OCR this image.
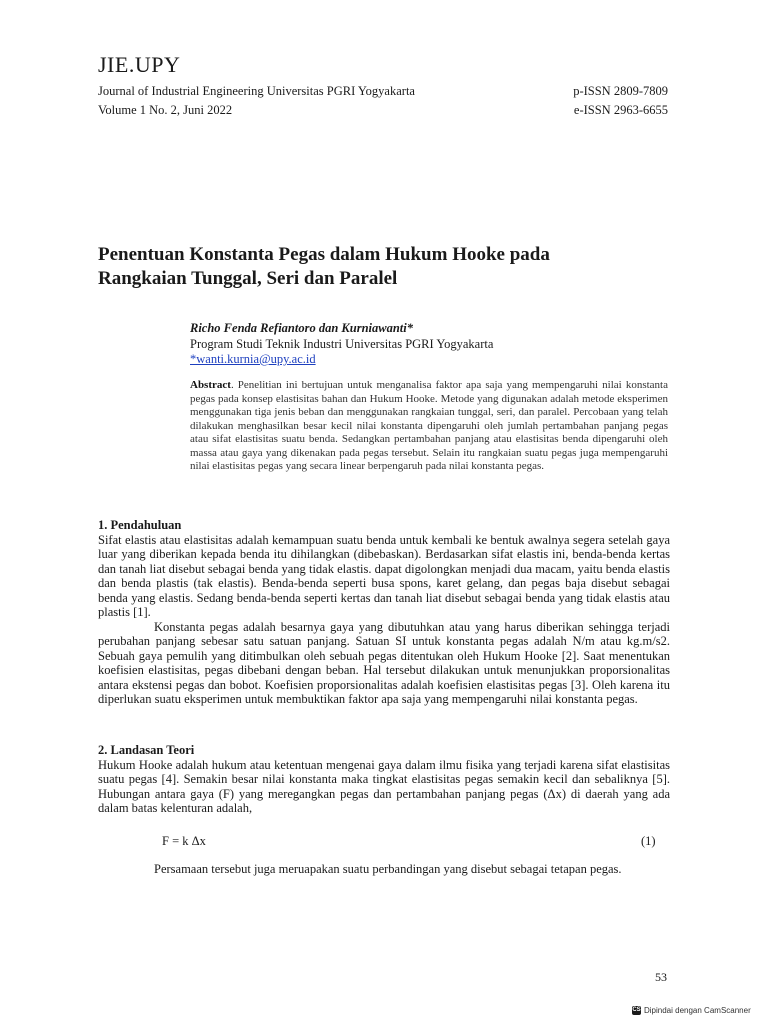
JIE.UPY
Journal of Industrial Engineering Universitas PGRI Yogyakarta
Volume 1 No. 2, Juni 2022
p-ISSN 2809-7809
e-ISSN 2963-6655
Penentuan Konstanta Pegas dalam Hukum Hooke pada
Rangkaian Tunggal, Seri dan Paralel
Richo Fenda Refiantoro dan Kurniawanti*
Program Studi Teknik Industri Universitas PGRI Yogyakarta
*wanti.kurnia@upy.ac.id
Abstract. Penelitian ini bertujuan untuk menganalisa faktor apa saja yang mempengaruhi nilai konstanta pegas pada konsep elastisitas bahan dan Hukum Hooke. Metode yang digunakan adalah metode eksperimen menggunakan tiga jenis beban dan menggunakan rangkaian tunggal, seri, dan paralel. Percobaan yang telah dilakukan menghasilkan besar kecil nilai konstanta dipengaruhi oleh jumlah pertambahan panjang pegas atau sifat elastisitas suatu benda. Sedangkan pertambahan panjang atau elastisitas benda dipengaruhi oleh massa atau gaya yang dikenakan pada pegas tersebut. Selain itu rangkaian suatu pegas juga mempengaruhi nilai elastisitas pegas yang secara linear berpengaruh pada nilai konstanta pegas.
1. Pendahuluan

Sifat elastis atau elastisitas adalah kemampuan suatu benda untuk kembali ke bentuk awalnya segera setelah gaya luar yang diberikan kepada benda itu dihilangkan (dibebaskan). Berdasarkan sifat elastis ini, benda-benda kertas dan tanah liat disebut sebagai benda yang tidak elastis. dapat digolongkan menjadi dua macam, yaitu benda elastis dan benda plastis (tak elastis). Benda-benda seperti busa spons, karet gelang, dan pegas baja disebut sebagai benda yang elastis. Sedang benda-benda seperti kertas dan tanah liat disebut sebagai benda yang tidak elastis atau plastis [1].

Konstanta pegas adalah besarnya gaya yang dibutuhkan atau yang harus diberikan sehingga terjadi perubahan panjang sebesar satu satuan panjang. Satuan SI untuk konstanta pegas adalah N/m atau kg.m/s2. Sebuah gaya pemulih yang ditimbulkan oleh sebuah pegas ditentukan oleh Hukum Hooke [2]. Saat menentukan koefisien elastisitas, pegas dibebani dengan beban. Hal tersebut dilakukan untuk menunjukkan proporsionalitas antara ekstensi pegas dan bobot. Koefisien proporsionalitas adalah koefisien elastisitas pegas [3]. Oleh karena itu diperlukan suatu eksperimen untuk membuktikan faktor apa saja yang mempengaruhi nilai konstanta pegas.

2. Landasan Teori

Hukum Hooke adalah hukum atau ketentuan mengenai gaya dalam ilmu fisika yang terjadi karena sifat elastisitas suatu pegas [4]. Semakin besar nilai konstanta maka tingkat elastisitas pegas semakin kecil dan sebaliknya [5]. Hubungan antara gaya (F) yang meregangkan pegas dan pertambahan panjang pegas (Δx) di daerah yang ada dalam batas kelenturan adalah,

F = k Δx	(1)

Persamaan tersebut juga meruapakan suatu perbandingan yang disebut sebagai tetapan pegas.

53
CS Dipindai dengan CamScanner
